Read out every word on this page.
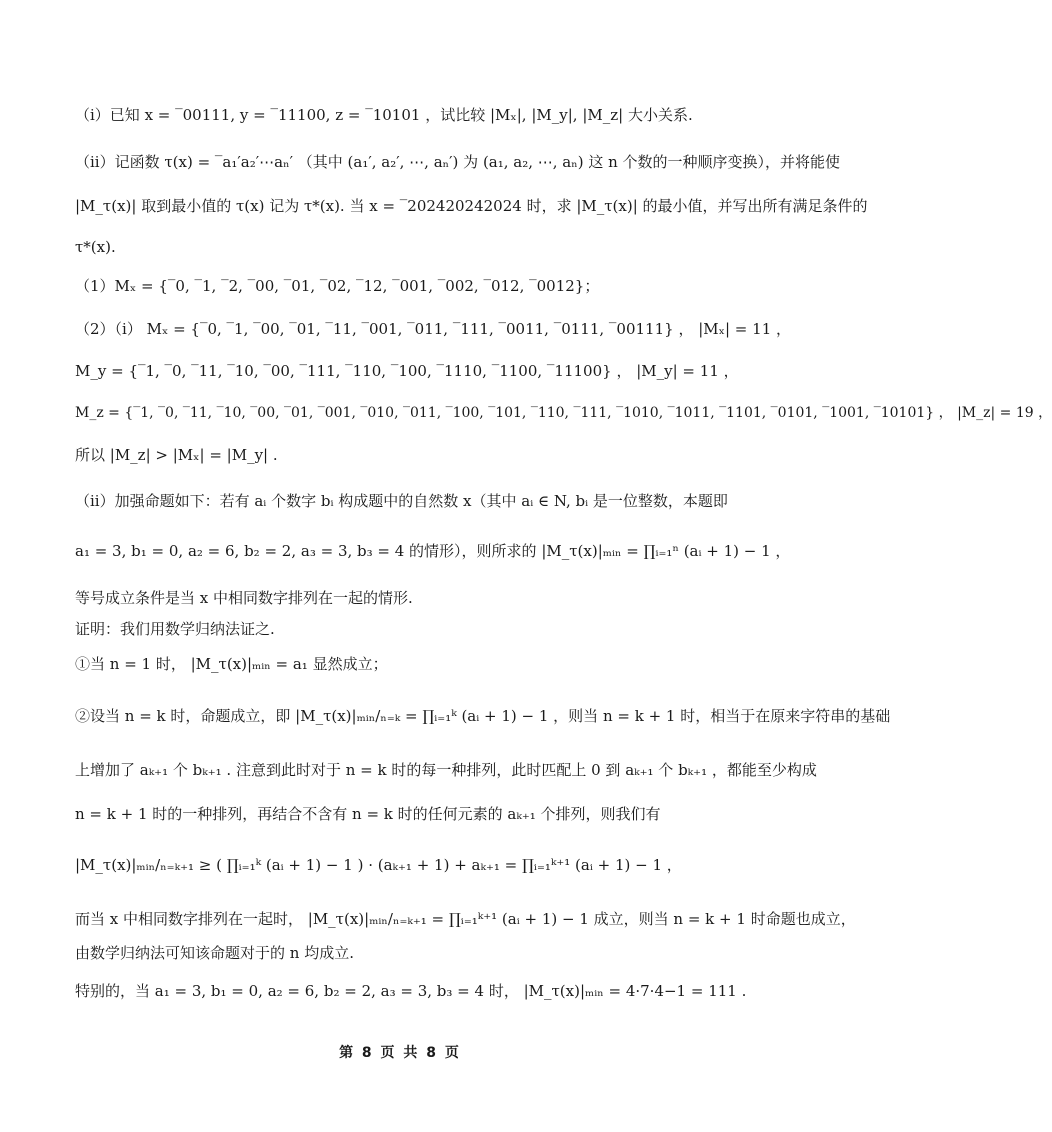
（i）已知 x = ‾00111, y = ‾11100, z = ‾10101 ，试比较 |Mₓ|, |M_y|, |M_z| 大小关系.
（ii）记函数 τ(x) = ‾a₁′a₂′⋯aₙ′ （其中 (a₁′, a₂′, ⋯, aₙ′) 为 (a₁, a₂, ⋯, aₙ) 这 n 个数的一种顺序变换），并将能使
|M_τ(x)| 取到最小值的 τ(x) 记为 τ*(x). 当 x = ‾202420242024 时，求 |M_τ(x)| 的最小值，并写出所有满足条件的
τ*(x).
（1）Mₓ = {‾0, ‾1, ‾2, ‾00, ‾01, ‾02, ‾12, ‾001, ‾002, ‾012, ‾0012}；
（2）（i） Mₓ = {‾0, ‾1, ‾00, ‾01, ‾11, ‾001, ‾011, ‾111, ‾0011, ‾0111, ‾00111} ， |Mₓ| = 11 ，
M_y = {‾1, ‾0, ‾11, ‾10, ‾00, ‾111, ‾110, ‾100, ‾1110, ‾1100, ‾11100} ， |M_y| = 11 ，
M_z = {‾1, ‾0, ‾11, ‾10, ‾00, ‾01, ‾001, ‾010, ‾011, ‾100, ‾101, ‾110, ‾111, ‾1010, ‾1011, ‾1101, ‾0101, ‾1001, ‾10101} ， |M_z| = 19 ，
所以 |M_z| > |Mₓ| = |M_y| .
（ii）加强命题如下：若有 aᵢ 个数字 bᵢ 构成题中的自然数 x（其中 aᵢ ∈ N, bᵢ 是一位整数，本题即
a₁ = 3, b₁ = 0, a₂ = 6, b₂ = 2, a₃ = 3, b₃ = 4 的情形），则所求的 |M_τ(x)|ₘᵢₙ = ∏ᵢ₌₁ⁿ (aᵢ + 1) − 1 ，
等号成立条件是当 x 中相同数字排列在一起的情形.
证明：我们用数学归纳法证之.
①当 n = 1 时， |M_τ(x)|ₘᵢₙ = a₁ 显然成立；
②设当 n = k 时，命题成立，即 |M_τ(x)|ₘᵢₙ/ₙ₌ₖ = ∏ᵢ₌₁ᵏ (aᵢ + 1) − 1 ，则当 n = k + 1 时，相当于在原来字符串的基础
上增加了 aₖ₊₁ 个 bₖ₊₁ . 注意到此时对于 n = k 时的每一种排列，此时匹配上 0 到 aₖ₊₁ 个 bₖ₊₁ ，都能至少构成
n = k + 1 时的一种排列，再结合不含有 n = k 时的任何元素的 aₖ₊₁ 个排列，则我们有
|M_τ(x)|ₘᵢₙ/ₙ₌ₖ₊₁ ≥ ( ∏ᵢ₌₁ᵏ (aᵢ + 1) − 1 ) · (aₖ₊₁ + 1) + aₖ₊₁ = ∏ᵢ₌₁ᵏ⁺¹ (aᵢ + 1) − 1 ，
而当 x 中相同数字排列在一起时， |M_τ(x)|ₘᵢₙ/ₙ₌ₖ₊₁ = ∏ᵢ₌₁ᵏ⁺¹ (aᵢ + 1) − 1 成立，则当 n = k + 1 时命题也成立，
由数学归纳法可知该命题对于的 n 均成立.
特别的，当 a₁ = 3, b₁ = 0, a₂ = 6, b₂ = 2, a₃ = 3, b₃ = 4 时， |M_τ(x)|ₘᵢₙ = 4·7·4−1 = 111 .
第 8 页 共 8 页
